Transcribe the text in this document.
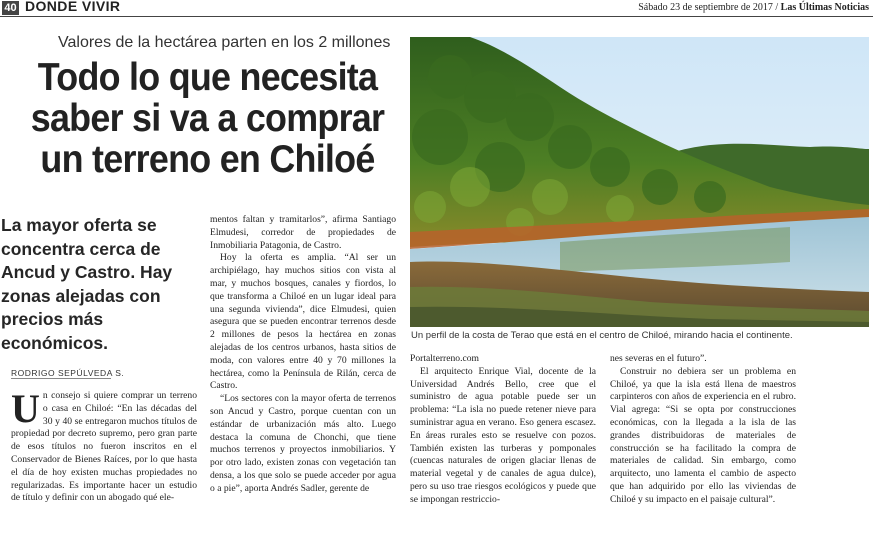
40 DONDE VIVIR	Sábado 23 de septiembre de 2017 / Las Últimas Noticias
Valores de la hectárea parten en los 2 millones
Todo lo que necesita saber si va a comprar un terreno en Chiloé
La mayor oferta se concentra cerca de Ancud y Castro. Hay zonas alejadas con precios más económicos.	Un perfil de la costa de Terao que está en el centro de Chiloé, mirando hacia el continente.
RODRIGO SEPÚLVEDA S.
U n consejo si quiere comprar un terreno o casa en Chiloé: “En las décadas del 30 y 40 se entregaron muchos títulos de propiedad por decreto supremo, pero gran parte de esos títulos no fueron inscritos en el Conservador de Bienes Raíces, por lo que hasta el día de hoy existen muchas propiedades no regularizadas. Es importante hacer un estudio de título y definir con un abogado qué ele-

mentos faltan y tramitarlos”, afirma Santiago Elmudesi, corredor de propiedades de Inmobiliaria Patagonia, de Castro.

Hoy la oferta es amplia. “Al ser un archipiélago, hay muchos sitios con vista al mar, y muchos bosques, canales y fiordos, lo que transforma a Chiloé en un lugar ideal para una segunda vivienda”, dice Elmudesi, quien asegura que se pueden encontrar terrenos desde 2 millones de pesos la hectárea en zonas alejadas de los centros urbanos, hasta sitios de moda, con valores entre 40 y 70 millones la hectárea, como la Península de Rilán, cerca de Castro.

“Los sectores con la mayor oferta de terrenos son Ancud y Castro, porque cuentan con un estándar de urbanización más alto. Luego destaca la comuna de Chonchi, que tiene muchos terrenos y proyectos inmobiliarios. Y por otro lado, existen zonas con vegetación tan densa, a los que solo se puede acceder por agua o a pie”, aporta Andrés Sadler, gerente de

Portalterreno.com

El arquitecto Enrique Vial, docente de la Universidad Andrés Bello, cree que el suministro de agua potable puede ser un problema: “La isla no puede retener nieve para suministrar agua en verano. Eso genera escasez. En áreas rurales esto se resuelve con pozos. También existen las turberas y pomponales (cuencas naturales de origen glaciar llenas de material vegetal y de canales de agua dulce), pero su uso trae riesgos ecológicos y puede que se impongan restriccio-

nes severas en el futuro”.

Construir no debiera ser un problema en Chiloé, ya que la isla está llena de maestros carpinteros con años de experiencia en el rubro. Vial agrega: “Si se opta por construcciones económicas, con la llegada a la isla de las grandes distribuidoras de materiales de construcción se ha facilitado la compra de materiales de calidad. Sin embargo, como arquitecto, uno lamenta el cambio de aspecto que han adquirido por ello las viviendas de Chiloé y su impacto en el paisaje cultural”.
